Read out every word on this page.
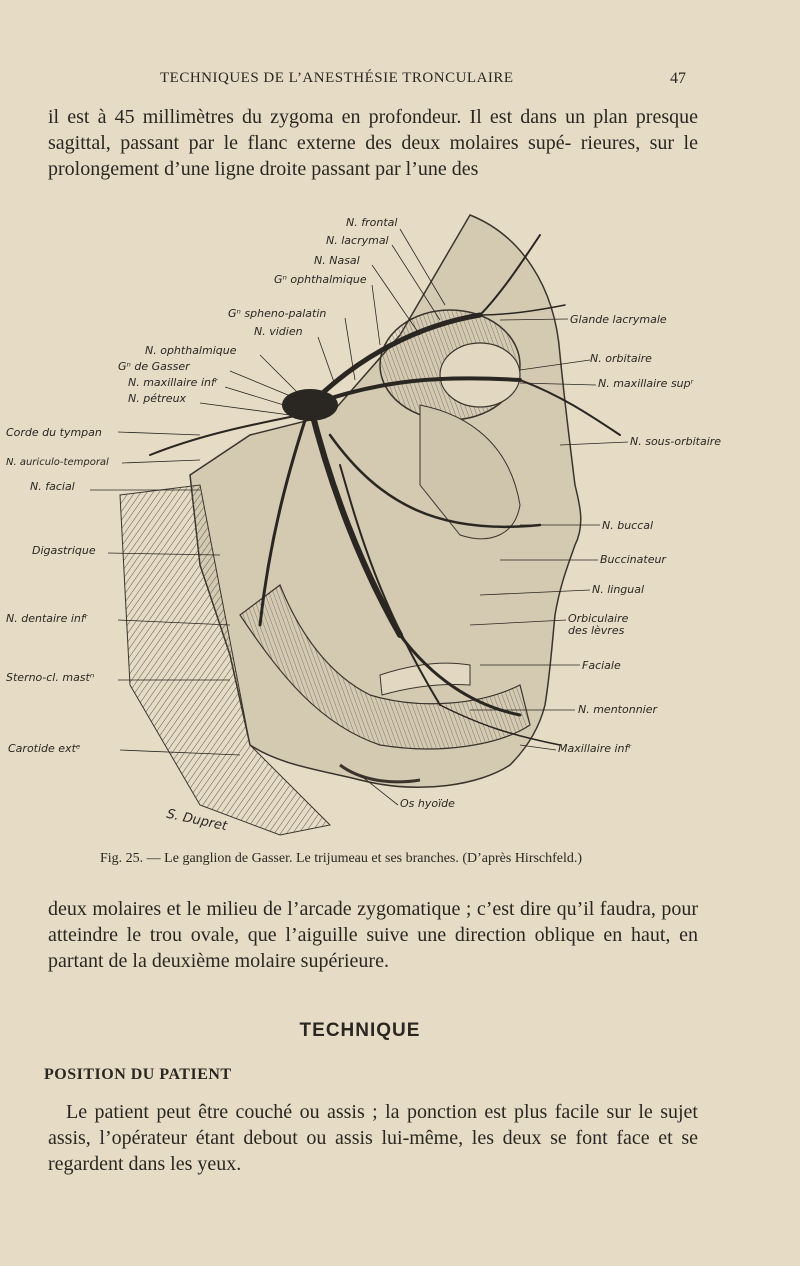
TECHNIQUES DE L’ANESTHÉSIE TRONCULAIRE	47
il est à 45 millimètres du zygoma en profondeur. Il est dans un plan presque sagittal, passant par le flanc externe des deux molaires supé- rieures, sur le prolongement d’une ligne droite passant par l’une des
N. frontal
N. lacrymal
N. Nasal
Gⁿ ophthalmique
Gⁿ spheno-palatin
N. vidien
N. ophthalmique
Gⁿ de Gasser
N. maxillaire infʳ
N. pétreux
Corde du tympan
N. auriculo-temporal
N. facial
Digastrique
N. dentaire infʳ
Sterno-cl. mastⁿ
Carotide extᵉ
Glande lacrymale
N. orbitaire
N. maxillaire supʳ
N. sous-orbitaire
N. buccal
Buccinateur
N. lingual
Orbiculaire des lèvres
Faciale
N. mentonnier
Maxillaire infʳ
Os hyoïde
S. Dupret
Fig. 25. — Le ganglion de Gasser. Le trijumeau et ses branches. (D’après Hirschfeld.)
deux molaires et le milieu de l’arcade zygomatique ; c’est dire qu’il faudra, pour atteindre le trou ovale, que l’aiguille suive une direction oblique en haut, en partant de la deuxième molaire supérieure.
TECHNIQUE
POSITION DU PATIENT
Le patient peut être couché ou assis ; la ponction est plus facile sur le sujet assis, l’opérateur étant debout ou assis lui-même, les deux se font face et se regardent dans les yeux.
